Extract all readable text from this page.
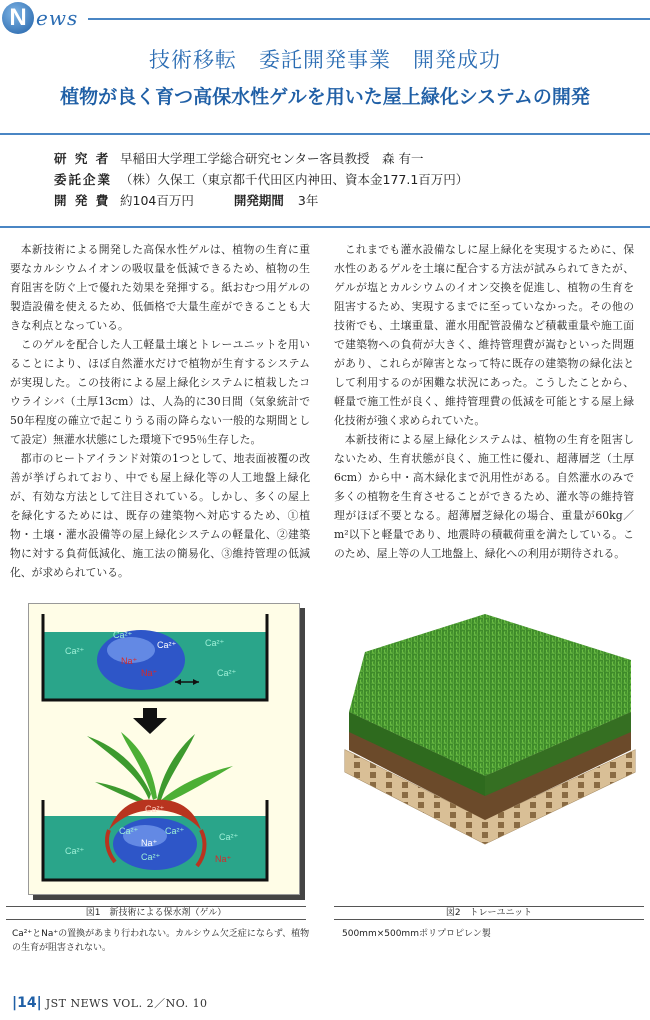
N ews
技術移転　委託開発事業　開発成功
植物が良く育つ高保水性ゲルを用いた屋上緑化システムの開発
研 究 者 早稲田大学理工学総合研究センター客員教授　森 有一
委託企業 （株）久保工（東京都千代田区内神田、資本金177.1百万円）
開 発 費 約104百万円	開発期間 3年

本新技術による開発した高保水性ゲルは、植物の生育に重要なカルシウムイオンの吸収量を低減できるため、植物の生育阻害を防ぐ上で優れた効果を発揮する。紙おむつ用ゲルの製造設備を使えるため、低価格で大量生産ができることも大きな利点となっている。

このゲルを配合した人工軽量土壌とトレーユニットを用いることにより、ほぼ自然灌水だけで植物が生育するシステムが実現した。この技術による屋上緑化システムに植栽したコウライシバ（土厚13cm）は、人為的に30日間（気象統計で50年程度の確立で起こりうる雨の降らない一般的な期間として設定）無灌水状態にした環境下で95％生存した。

都市のヒートアイランド対策の1つとして、地表面被覆の改善が挙げられており、中でも屋上緑化等の人工地盤上緑化が、有効な方法として注目されている。しかし、多くの屋上を緑化するためには、既存の建築物へ対応するため、①植物・土壌・灌水設備等の屋上緑化システムの軽量化、②建築物に対する負荷低減化、施工法の簡易化、③維持管理の低減化、が求められている。

これまでも灌水設備なしに屋上緑化を実現するために、保水性のあるゲルを土壌に配合する方法が試みられてきたが、ゲルが塩とカルシウムのイオン交換を促進し、植物の生育を阻害するため、実現するまでに至っていなかった。その他の技術でも、土壌重量、灌水用配管設備など積載重量や施工面で建築物への負荷が大きく、維持管理費が嵩むといった問題があり、これらが障害となって特に既存の建築物の緑化法として利用するのが困難な状況にあった。こうしたことから、軽量で施工性が良く、維持管理費の低減を可能とする屋上緑化技術が強く求められていた。

本新技術による屋上緑化システムは、植物の生育を阻害しないため、生育状態が良く、施工性に優れ、超薄層芝（土厚6cm）から中・高木緑化まで汎用性がある。自然灌水のみで多くの植物を生育させることができるため、灌水等の維持管理がほぼ不要となる。超薄層芝緑化の場合、重量が60kg／m²以下と軽量であり、地震時の積載荷重を満たしている。このため、屋上等の人工地盤上、緑化への利用が期待される。

Ca²⁺
Ca²⁺
Ca²⁺	Ca²⁺
Ca²⁺
Na⁺
Na⁺
Ca²⁺
Ca²⁺	Ca²⁺
Na⁺
Ca²⁺
Ca²⁺
Ca²⁺
Na⁺
図1　新技術による保水剤（ゲル）	図2　トレーユニット
Ca²⁺とNa⁺の置換があまり行われない。カルシウム欠乏症にならず、植物の生育が阻害されない。
500mm×500mmポリプロピレン製
|14| JST NEWS VOL. 2／NO. 10
